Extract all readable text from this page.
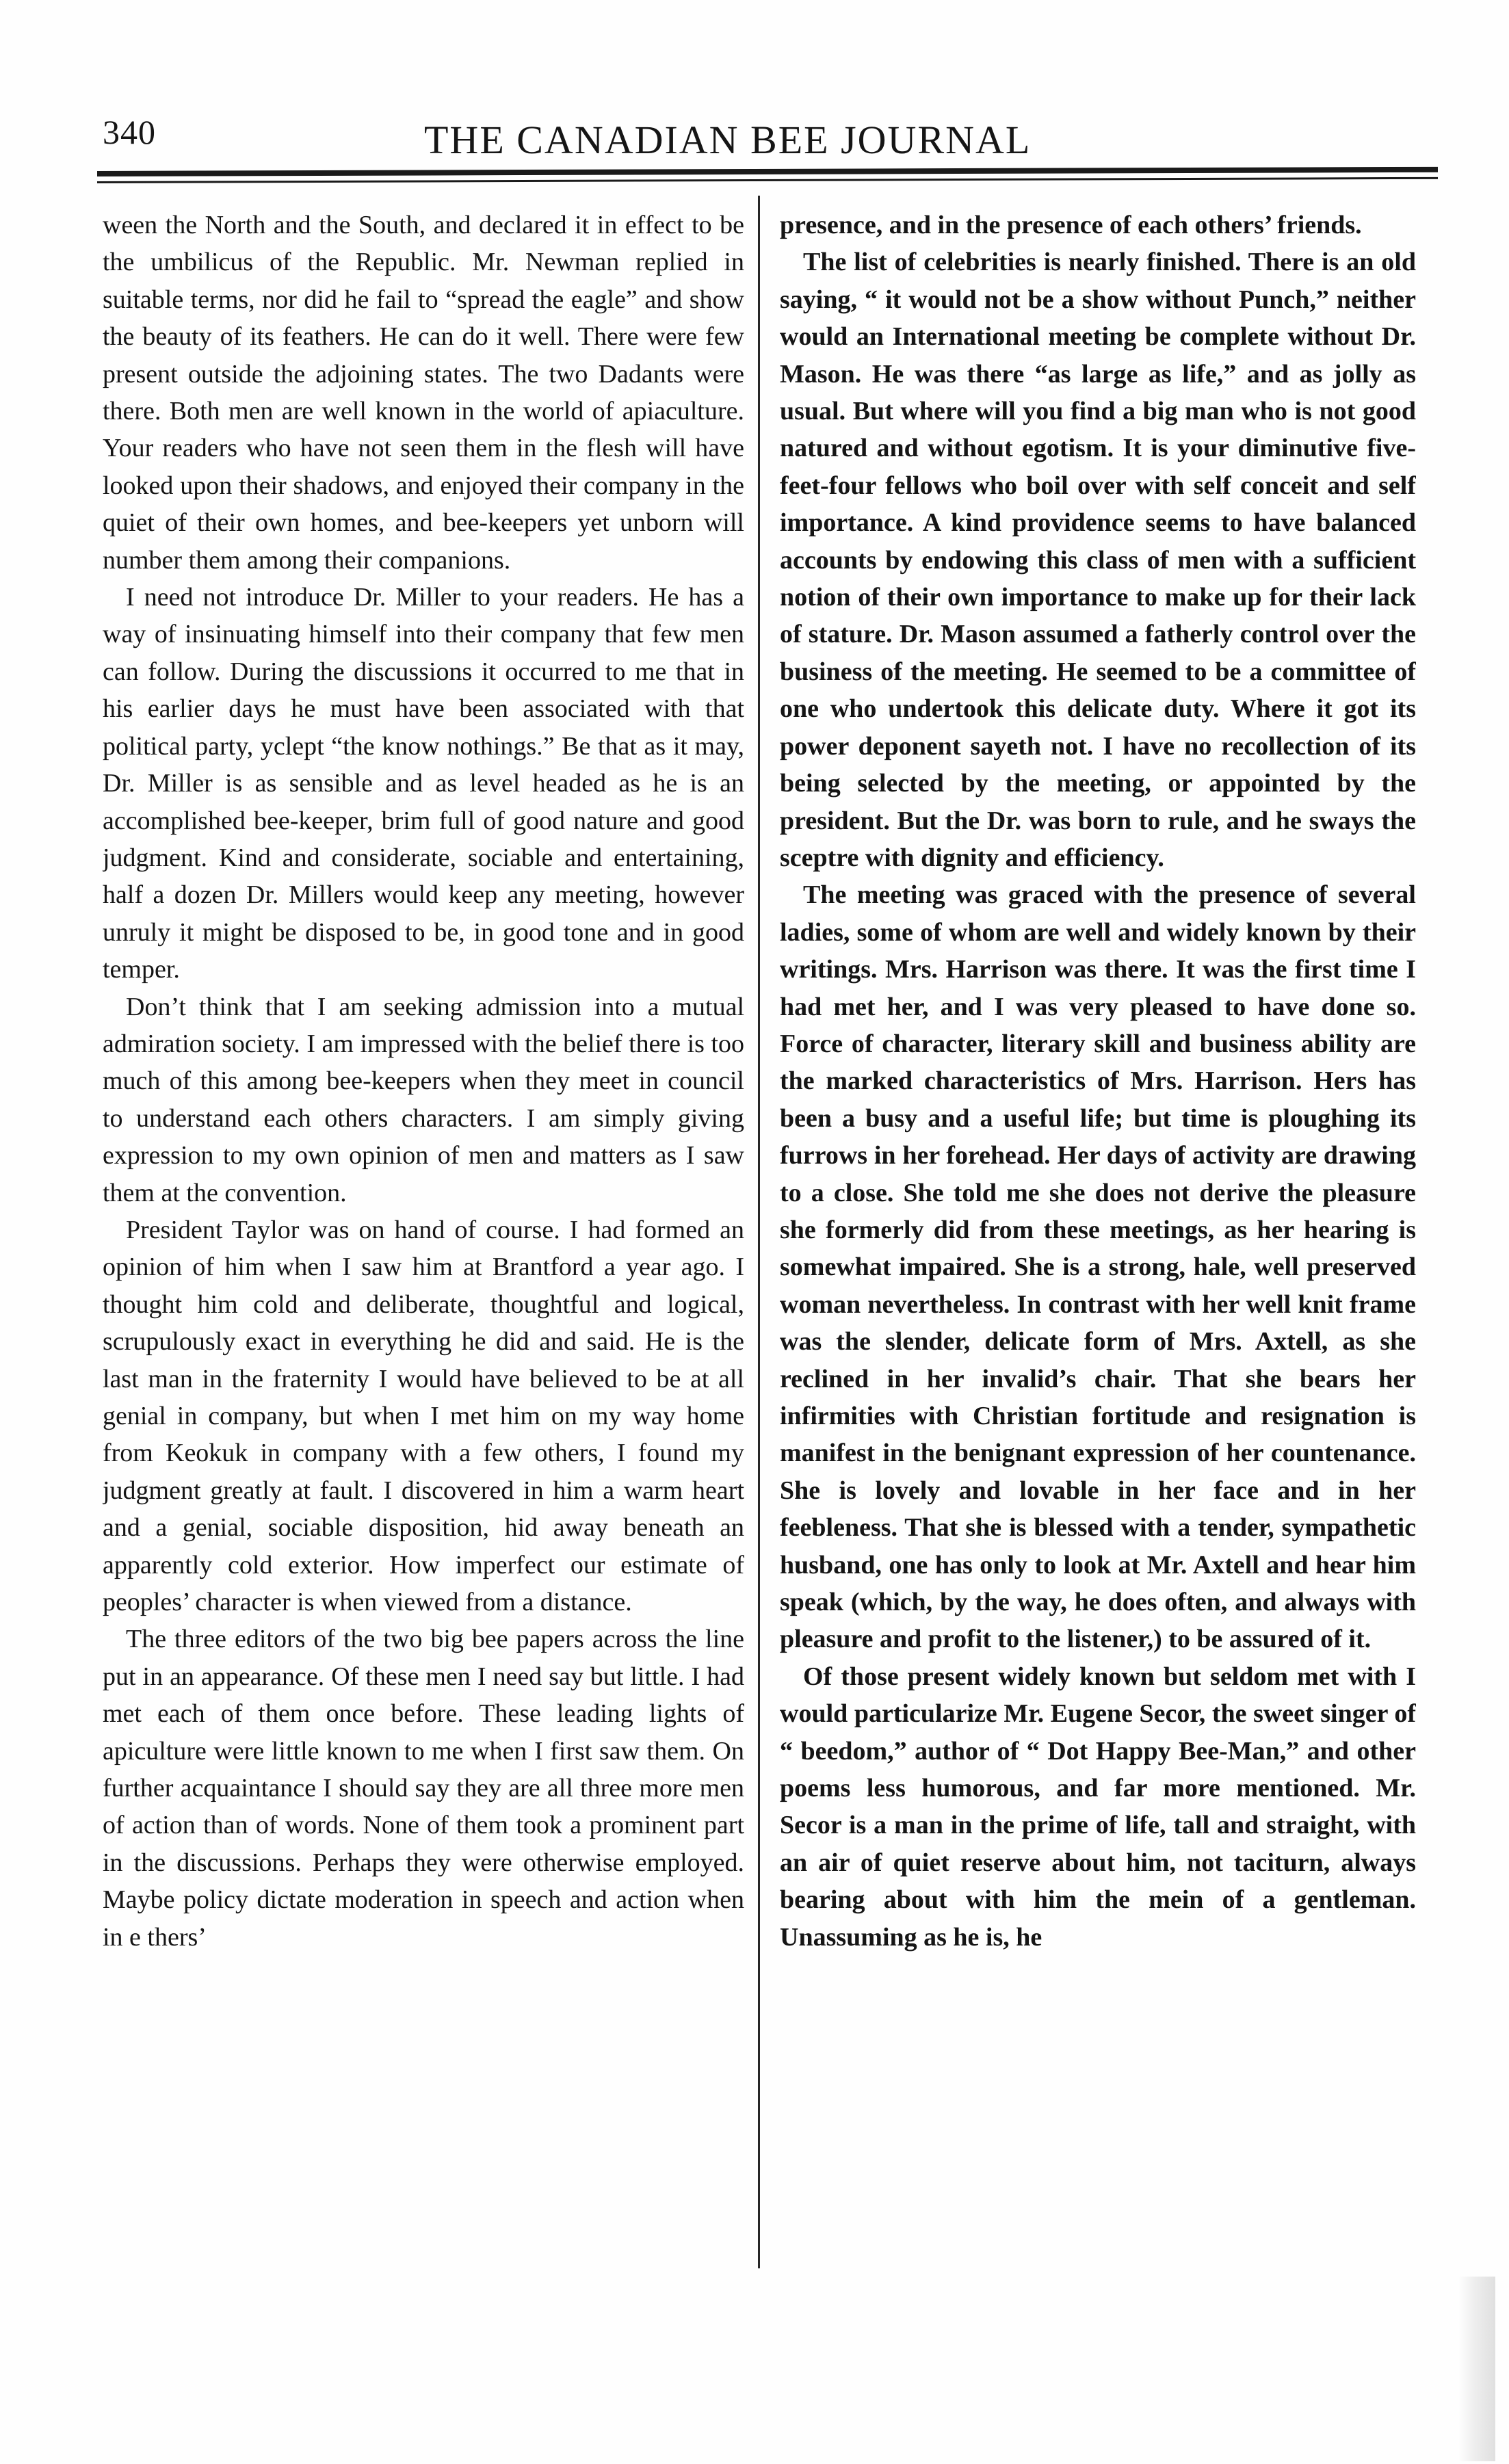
340	THE CANADIAN BEE JOURNAL

ween the North and the South, and declared it in effect to be the umbilicus of the Republic. Mr. Newman replied in suitable terms, nor did he fail to “spread the eagle” and show the beauty of its feathers. He can do it well. There were few present outside the adjoining states. The two Dadants were there. Both men are well known in the world of apiaculture. Your readers who have not seen them in the flesh will have looked upon their shadows, and enjoyed their company in the quiet of their own homes, and bee-keepers yet unborn will number them among their companions.

I need not introduce Dr. Miller to your readers. He has a way of insinuating himself into their company that few men can follow. During the discussions it occurred to me that in his earlier days he must have been associated with that political party, yclept “the know nothings.” Be that as it may, Dr. Miller is as sensible and as level headed as he is an accomplished bee-keeper, brim full of good nature and good judgment. Kind and considerate, sociable and entertaining, half a dozen Dr. Millers would keep any meeting, however unruly it might be disposed to be, in good tone and in good temper.

Don’t think that I am seeking admission into a mutual admiration society. I am impressed with the belief there is too much of this among bee-keepers when they meet in council to understand each others characters. I am simply giving expression to my own opinion of men and matters as I saw them at the convention.

President Taylor was on hand of course. I had formed an opinion of him when I saw him at Brantford a year ago. I thought him cold and deliberate, thoughtful and logical, scrupulously exact in everything he did and said. He is the last man in the fraternity I would have believed to be at all genial in company, but when I met him on my way home from Keokuk in company with a few others, I found my judgment greatly at fault. I discovered in him a warm heart and a genial, sociable disposition, hid away beneath an apparently cold exterior. How imperfect our estimate of peoples’ character is when viewed from a distance.

The three editors of the two big bee papers across the line put in an appearance. Of these men I need say but little. I had met each of them once before. These leading lights of apiculture were little known to me when I first saw them. On further acquaintance I should say they are all three more men of action than of words. None of them took a prominent part in the discussions. Perhaps they were otherwise employed. Maybe policy dictate moderation in speech and action when in e thers’

presence, and in the presence of each others’ friends.

The list of celebrities is nearly finished. There is an old saying, “ it would not be a show without Punch,” neither would an International meeting be complete without Dr. Mason. He was there “as large as life,” and as jolly as usual. But where will you find a big man who is not good natured and without egotism. It is your diminutive five-feet-four fellows who boil over with self conceit and self importance. A kind providence seems to have balanced accounts by endowing this class of men with a sufficient notion of their own importance to make up for their lack of stature. Dr. Mason assumed a fatherly control over the business of the meeting. He seemed to be a committee of one who undertook this delicate duty. Where it got its power deponent sayeth not. I have no recollection of its being selected by the meeting, or appointed by the president. But the Dr. was born to rule, and he sways the sceptre with dignity and efficiency.

The meeting was graced with the presence of several ladies, some of whom are well and widely known by their writings. Mrs. Harrison was there. It was the first time I had met her, and I was very pleased to have done so. Force of character, literary skill and business ability are the marked characteristics of Mrs. Harrison. Hers has been a busy and a useful life; but time is ploughing its furrows in her forehead. Her days of activity are drawing to a close. She told me she does not derive the pleasure she formerly did from these meetings, as her hearing is somewhat impaired. She is a strong, hale, well preserved woman nevertheless. In contrast with her well knit frame was the slender, delicate form of Mrs. Axtell, as she reclined in her invalid’s chair. That she bears her infirmities with Christian fortitude and resignation is manifest in the benignant expression of her countenance. She is lovely and lovable in her face and in her feebleness. That she is blessed with a tender, sympathetic husband, one has only to look at Mr. Axtell and hear him speak (which, by the way, he does often, and always with pleasure and profit to the listener,) to be assured of it.

Of those present widely known but seldom met with I would particularize Mr. Eugene Secor, the sweet singer of “ beedom,” author of “ Dot Happy Bee-Man,” and other poems less humorous, and far more mentioned. Mr. Secor is a man in the prime of life, tall and straight, with an air of quiet reserve about him, not taciturn, always bearing about with him the mein of a gentleman. Unassuming as he is, he
